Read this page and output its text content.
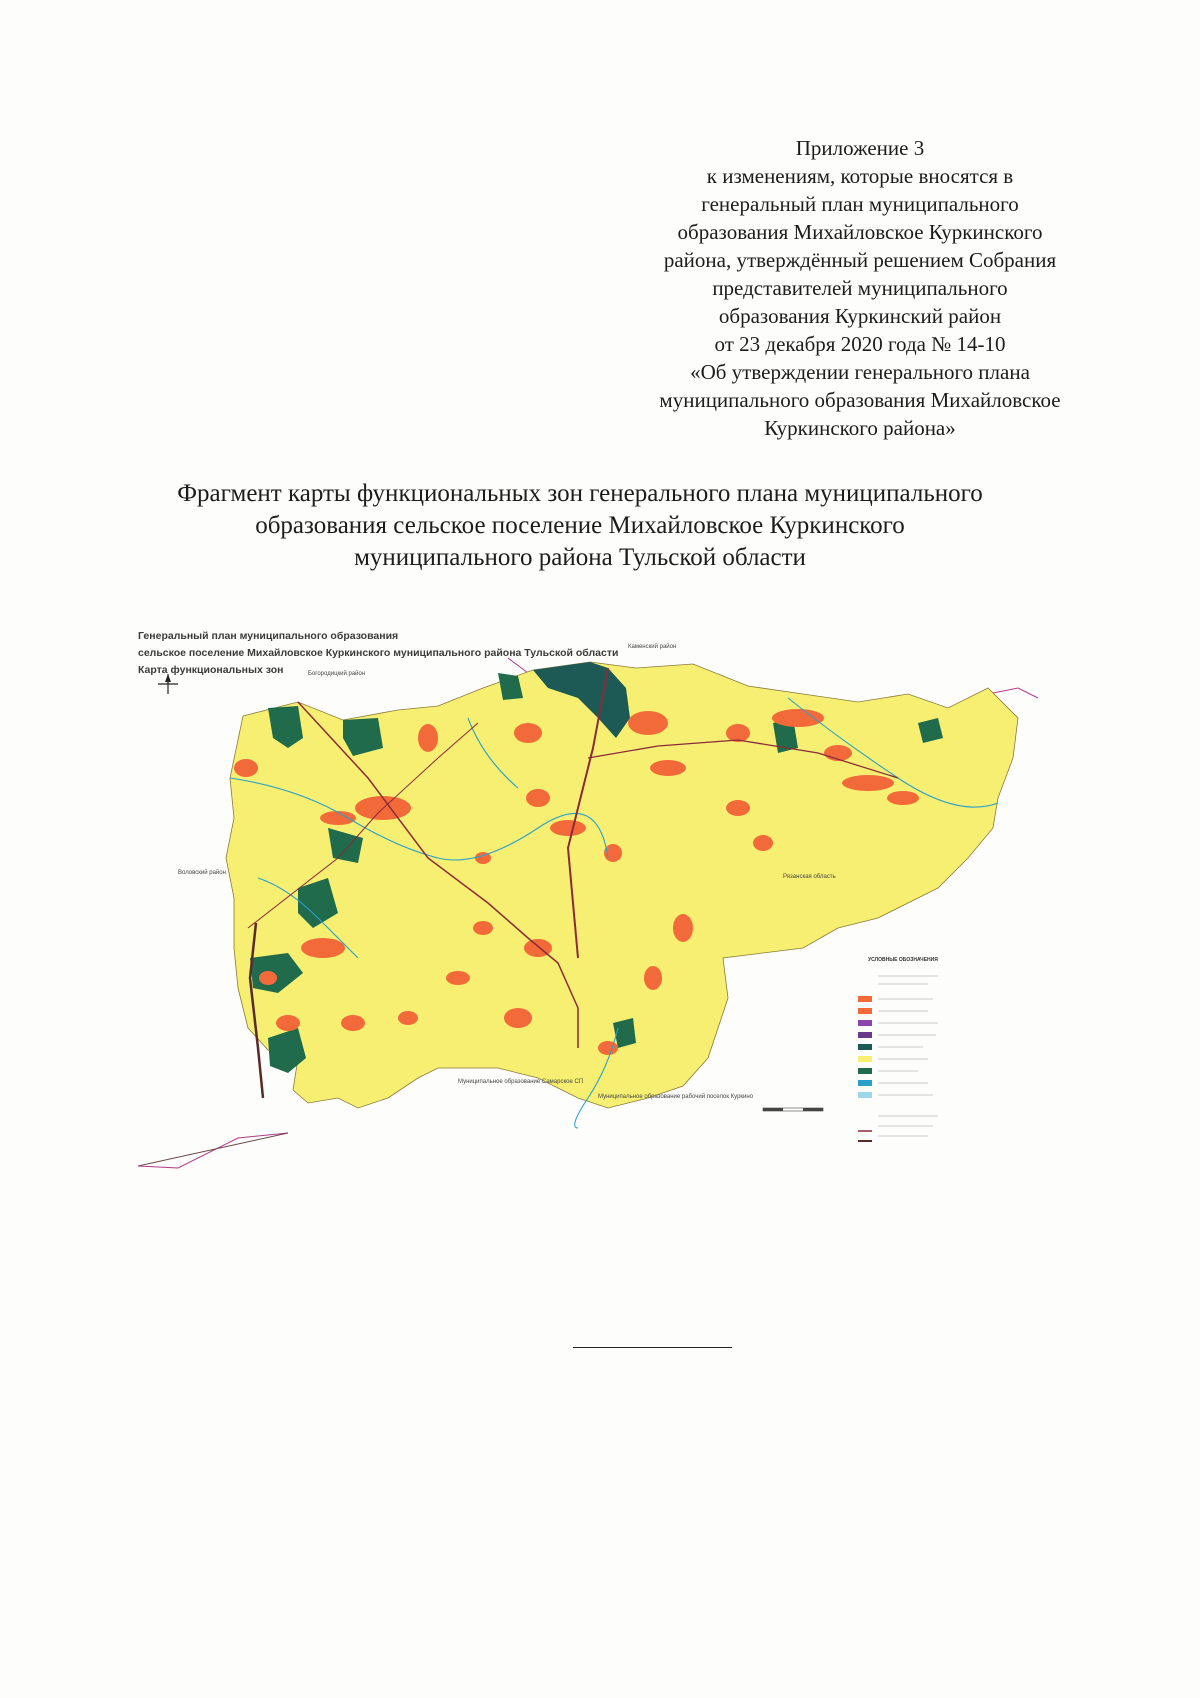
Приложение 3
к изменениям, которые вносятся в
генеральный план муниципального
образования Михайловское Куркинского
района, утверждённый решением Собрания
представителей муниципального
образования Куркинский район
от 23 декабря 2020 года № 14-10
«Об утверждении генерального плана
муниципального образования Михайловское
Куркинского района»
Фрагмент карты функциональных зон генерального плана муниципального
образования сельское поселение Михайловское Куркинского
муниципального района Тульской области
Богородицкий район
Каменский район
Воловский район
Рязанская область
Муниципальное образование Самарское СП
Муниципальное образование рабочий поселок Куркино
УСЛОВНЫЕ ОБОЗНАЧЕНИЯ
Генеральный план муниципального образования
сельское поселение Михайловское Куркинского муниципального района Тульской области
Карта функциональных зон
